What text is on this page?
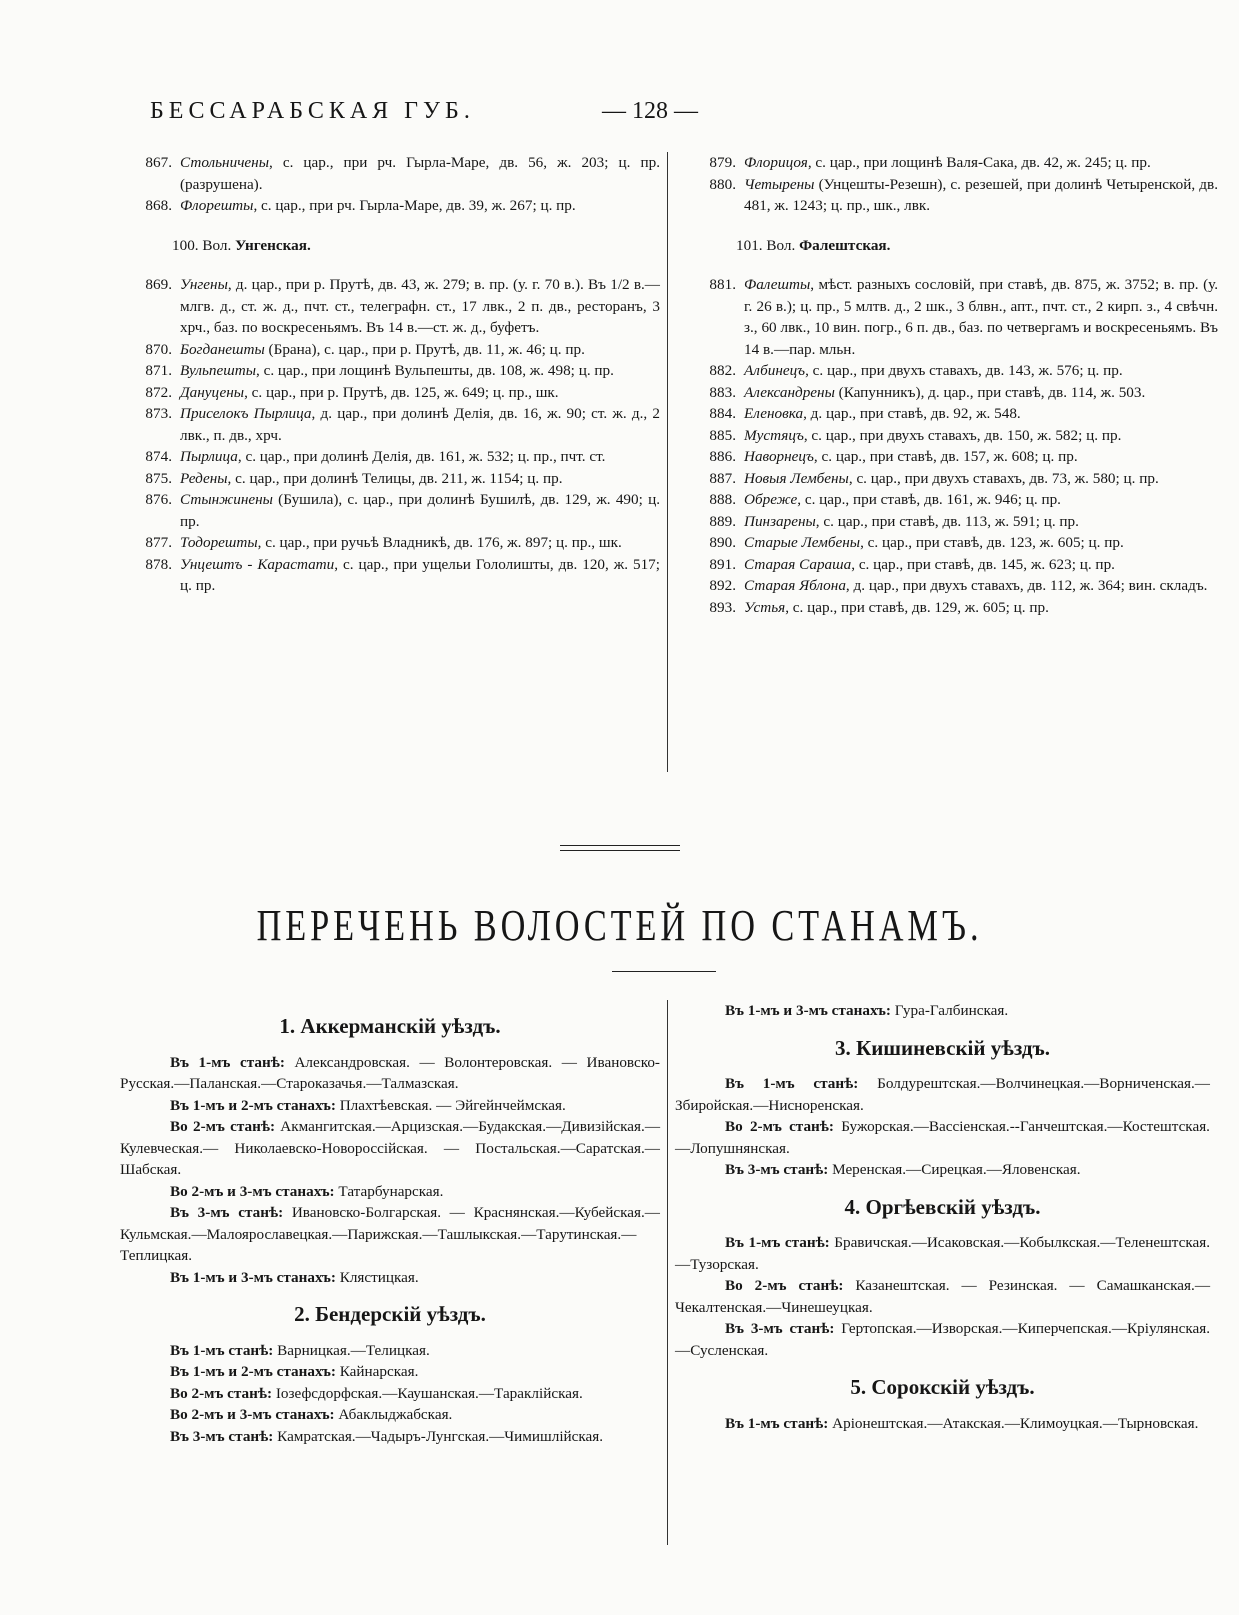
БЕССАРАБСКАЯ ГУБ.	— 128 —
867. Стольничены, с. цар., при рч. Гырла-Маре, дв. 56, ж. 203; ц. пр. (разрушена).
868. Флорешты, с. цар., при рч. Гырла-Маре, дв. 39, ж. 267; ц. пр.
100. Вол. Унгенская.
869. Унгены, д. цар., при р. Прутѣ, дв. 43, ж. 279; в. пр. (у. г. 70 в.). Въ 1/2 в.—млгв. д., ст. ж. д., пчт. ст., телеграфн. ст., 17 лвк., 2 п. дв., ресторанъ, 3 хрч., баз. по воскресеньямъ. Въ 14 в.—ст. ж. д., буфетъ.
870. Богданешты (Брана), с. цар., при р. Прутѣ, дв. 11, ж. 46; ц. пр.
871. Вульпешты, с. цар., при лощинѣ Вульпешты, дв. 108, ж. 498; ц. пр.
872. Дануцены, с. цар., при р. Прутѣ, дв. 125, ж. 649; ц. пр., шк.
873. Приселокъ Пырлица, д. цар., при долинѣ Делія, дв. 16, ж. 90; ст. ж. д., 2 лвк., п. дв., хрч.
874. Пырлица, с. цар., при долинѣ Делія, дв. 161, ж. 532; ц. пр., пчт. ст.
875. Редены, с. цар., при долинѣ Телицы, дв. 211, ж. 1154; ц. пр.
876. Стынжинены (Бушила), с. цар., при долинѣ Бушилѣ, дв. 129, ж. 490; ц. пр.
877. Тодорешты, с. цар., при ручьѣ Владникѣ, дв. 176, ж. 897; ц. пр., шк.
878. Унцештъ - Карастати, с. цар., при ущельи Гололишты, дв. 120, ж. 517; ц. пр.
879. Флорицоя, с. цар., при лощинѣ Валя-Сака, дв. 42, ж. 245; ц. пр.
880. Четырены (Унцешты-Резешн), с. резешей, при долинѣ Четыренской, дв. 481, ж. 1243; ц. пр., шк., лвк.
101. Вол. Фалештская.
881. Фалешты, мѣст. разныхъ сословій, при ставѣ, дв. 875, ж. 3752; в. пр. (у. г. 26 в.); ц. пр., 5 млтв. д., 2 шк., 3 блвн., апт., пчт. ст., 2 кирп. з., 4 свѣчн. з., 60 лвк., 10 вин. погр., 6 п. дв., баз. по четвергамъ и воскресеньямъ. Въ 14 в.—пар. мльн.
882. Албинецъ, с. цар., при двухъ ставахъ, дв. 143, ж. 576; ц. пр.
883. Александрены (Капунникъ), д. цар., при ставѣ, дв. 114, ж. 503.
884. Еленовка, д. цар., при ставѣ, дв. 92, ж. 548.
885. Мустяцъ, с. цар., при двухъ ставахъ, дв. 150, ж. 582; ц. пр.
886. Наворнецъ, с. цар., при ставѣ, дв. 157, ж. 608; ц. пр.
887. Новыя Лембены, с. цар., при двухъ ставахъ, дв. 73, ж. 580; ц. пр.
888. Обреже, с. цар., при ставѣ, дв. 161, ж. 946; ц. пр.
889. Пинзарены, с. цар., при ставѣ, дв. 113, ж. 591; ц. пр.
890. Старые Лембены, с. цар., при ставѣ, дв. 123, ж. 605; ц. пр.
891. Старая Сараша, с. цар., при ставѣ, дв. 145, ж. 623; ц. пр.
892. Старая Яблона, д. цар., при двухъ ставахъ, дв. 112, ж. 364; вин. складъ.
893. Устья, с. цар., при ставѣ, дв. 129, ж. 605; ц. пр.
ПЕРЕЧЕНЬ ВОЛОСТЕЙ ПО СТАНАМЪ.
1. Аккерманскій уѣздъ.
Въ 1-мъ станѣ: Александровская. — Волонтеровская. — Ивановско-Русская.—Паланская.—Староказачья.—Талмазская.
Въ 1-мъ и 2-мъ станахъ: Плахтѣевская. — Эйгейнчеймская.
Во 2-мъ станѣ: Акмангитская.—Арцизская.—Будакская.—Дивизійская.—Кулевческая.— Николаевско-Новороссійская. — Постальская.—Саратская.—Шабская.
Во 2-мъ и 3-мъ станахъ: Татарбунарская.
Въ 3-мъ станѣ: Ивановско-Болгарская. — Краснянская.—Кубейская.—Кульмская.—Малоярославецкая.—Парижская.—Ташлыкская.—Тарутинская.—Теплицкая.
Въ 1-мъ и 3-мъ станахъ: Клястицкая.
2. Бендерскій уѣздъ.
Въ 1-мъ станѣ: Варницкая.—Телицкая.
Въ 1-мъ и 2-мъ станахъ: Кайнарская.
Во 2-мъ станѣ: Іозефсдорфская.—Каушанская.—Тараклійская.
Во 2-мъ и 3-мъ станахъ: Абаклыджабская.
Въ 3-мъ станѣ: Камратская.—Чадыръ-Лунгская.—Чимишлійская.
Въ 1-мъ и 3-мъ станахъ: Гура-Галбинская.
3. Кишиневскій уѣздъ.
Въ 1-мъ станѣ: Болдурештская.—Волчинецкая.—Ворниченская.—Збиройская.—Нисноренская.
Во 2-мъ станѣ: Бужорская.—Вассіенская.--Ганчештская.—Костештская.—Лопушнянская.
Въ 3-мъ станѣ: Меренская.—Сирецкая.—Яловенская.
4. Оргѣевскій уѣздъ.
Въ 1-мъ станѣ: Бравичская.—Исаковская.—Кобылкская.—Теленештская.—Тузорская.
Во 2-мъ станѣ: Казанештская. — Резинская. — Самашканская.—Чекалтенская.—Чинешеуцкая.
Въ 3-мъ станѣ: Гертопская.—Изворская.—Киперчепская.—Кріулянская.—Сусленская.
5. Сорокскій уѣздъ.
Въ 1-мъ станѣ: Аріонештская.—Атакская.—Климоуцкая.—Тырновская.
